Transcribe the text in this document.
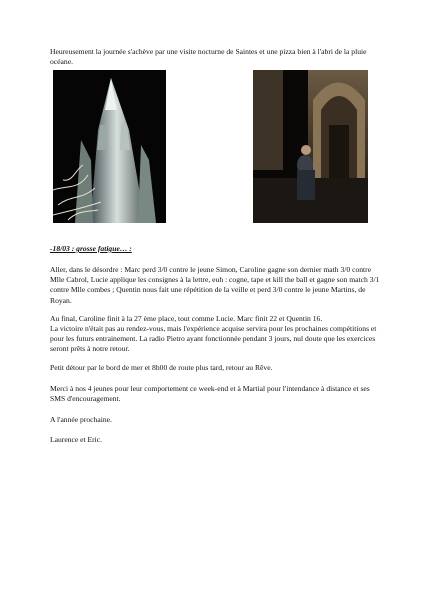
Heureusement la journée s'achève par une visite nocturne de Saintes et une pizza bien à l'abri de la pluie océane.

-18/03 : grosse fatigue… :

Aller, dans le désordre : Marc perd 3/0 contre le jeune Simon, Caroline gagne son dernier math 3/0 contre Mlle Cabrol, Lucie applique les consignes à la lettre, euh : cogne, tape et kill the ball et gagne son match 3/1 contre Mlle combes ; Quentin nous fait une répétition de la veille et perd 3/0 contre le jeune Martins, de Royan.

Au final, Caroline finit à la 27 ème place, tout comme Lucie. Marc finit 22 et Quentin 16.

La victoire n'était pas au rendez-vous, mais l'expérience acquise servira pour les prochaines compétitions et pour les futurs entrainement. La radio Pietro ayant fonctionnée pendant 3 jours, nul doute que les exercices seront prêts à notre retour.

Petit détour par le bord de mer et 8h00 de route plus tard, retour au Rêve.

Merci à nos 4 jeunes pour leur comportement ce week-end et à Martial pour l'intendance à distance et ses SMS d'encouragement.

A l'année prochaine.

Laurence et Eric.
